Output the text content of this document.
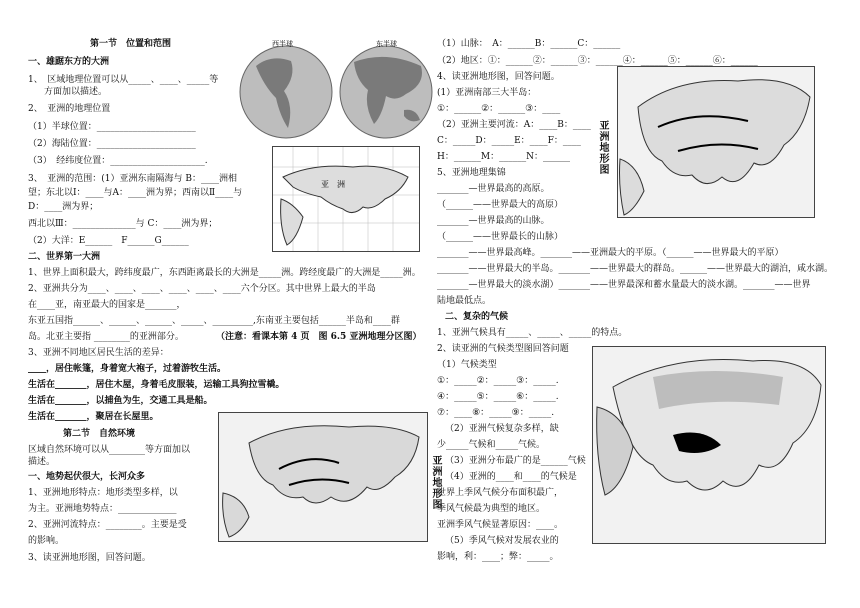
第一节　位置和范围
一、雄踞东方的大洲
1、　区域地理位置可以从_____、____、_____等
方面加以描述。
2、　亚洲的地理位置
（1）半球位置：______________________
（2）海陆位置：______________________
（3）　经纬度位置：_____________________.
3、　亚洲的范围：(1）亚洲东南隔海与 B：____洲相
望；东北以Ⅰ：____与A：____洲为界；西南以Ⅱ____与
D：____洲为界；
西北以Ⅲ：______________与 C：____洲为界；
（2）大洋：E______　F______G______
二、世界第一大洲
1、世界上面积最大，跨纬度最广，东西距离最长的大洲是_____洲。跨经度最广的大洲是_____洲。
2、亚洲共分为____、____、____、____、____、____六个分区。其中世界上最大的半岛
在____亚，南亚最大的国家是_______，
东亚五国指______、______、______、_____、_________,东南亚主要包括______半岛和____群
岛。北亚主要指 ________的亚洲部分。	（注意：看课本第 4 页　图 6.5 亚洲地理分区图）
3、亚洲不同地区居民生活的差异：
____，居住帐篷，身着宽大袍子，过着游牧生活。
生活在_______，居住木屋，身着毛皮服装，运输工具狗拉雪橇。
生活在_______，以捕鱼为生，交通工具是船。
生活在_______，聚居在长屋里。
第二节　自然环境
区域自然环境可以从________等方面加以
描述。
一、地势起伏很大，长河众多
1、亚洲地形特点：地形类型多样，以
为主。亚洲地势特点：_____________
2、亚洲河流特点：________。主要是受
的影响。
3、读亚洲地形图，回答问题。
西半球	东半球
亚　洲
亚洲地形图
（1）山脉：　A：______B：______C：______
（2）地区：①：______②：______③：______④：______⑤：______⑥：______
4、读亚洲地形图，回答问题。
(1）亚洲南部三大半岛：
①：______②：______③：____
（2）亚洲主要河流：A：____B：____
C：_____D：_____E：____F：____
H：______M：______N：______
5、亚洲地理集锦
_______—世界最高的高原。
（______——世界最大的高原）
_______—世界最高的山脉。
（______——世界最长的山脉）
_______——世界最高峰。_______——亚洲最大的平原。（______——世界最大的平原）
_______——世界最大的半岛。_______——世界最大的群岛。______——世界最大的湖泊，咸水湖。
_______—世界最大的淡水湖）_______——世界最深和蓄水量最大的淡水湖。_______——世界
陆地最低点。
二、复杂的气候
1、亚洲气候具有_____、_____、_____的特点。
2、读亚洲的气候类型图回答问题
（1）气候类型
①：_____②：_____③：_____.
④：_____⑤：_____⑥：_____.
⑦：____⑧：_____⑨：_____.
（2）亚洲气候复杂多样，缺
少_____气候和_____气候。
（3）亚洲分布最广的是______气候
（4）亚洲的____和____的气候是
世界上季风气候分布面积最广，
季风气候最为典型的地区。
亚洲季风气候显著原因：____。
（5）季风气候对发展农业的
影响，利：____；弊：_____。
亚洲地形图
